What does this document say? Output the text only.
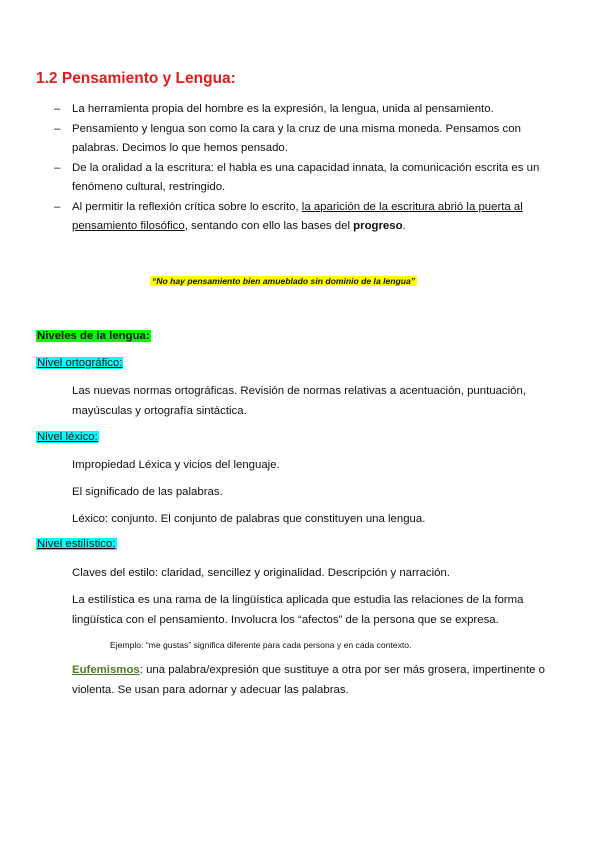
1.2 Pensamiento y Lengua:
– La herramienta propia del hombre es la expresión, la lengua, unida al pensamiento.
– Pensamiento y lengua son como la cara y la cruz de una misma moneda. Pensamos con palabras. Decimos lo que hemos pensado.
– De la oralidad a la escritura: el habla es una capacidad innata, la comunicación escrita es un fenómeno cultural, restringido.
– Al permitir la reflexión crítica sobre lo escrito, la aparición de la escritura abrió la puerta al pensamiento filosófico, sentando con ello las bases del progreso.
“No hay pensamiento bien amueblado sin dominio de la lengua”
Niveles de la lengua:
Nivel ortográfico:

Las nuevas normas ortográficas. Revisión de normas relativas a acentuación, puntuación, mayúsculas y ortografía sintáctica.

Nivel léxico:

Impropiedad Léxica y vicios del lenguaje.

El significado de las palabras.

Léxico: conjunto. El conjunto de palabras que constituyen una lengua.

Nivel estilístico:

Claves del estilo: claridad, sencillez y originalidad. Descripción y narración.

La estilística es una rama de la lingüística aplicada que estudia las relaciones de la forma lingüística con el pensamiento. Involucra los “afectos” de la persona que se expresa.

Ejemplo: “me gustas” significa diferente para cada persona y en cada contexto.

Eufemismos: una palabra/expresión que sustituye a otra por ser más grosera, impertinente o violenta. Se usan para adornar y adecuar las palabras.
